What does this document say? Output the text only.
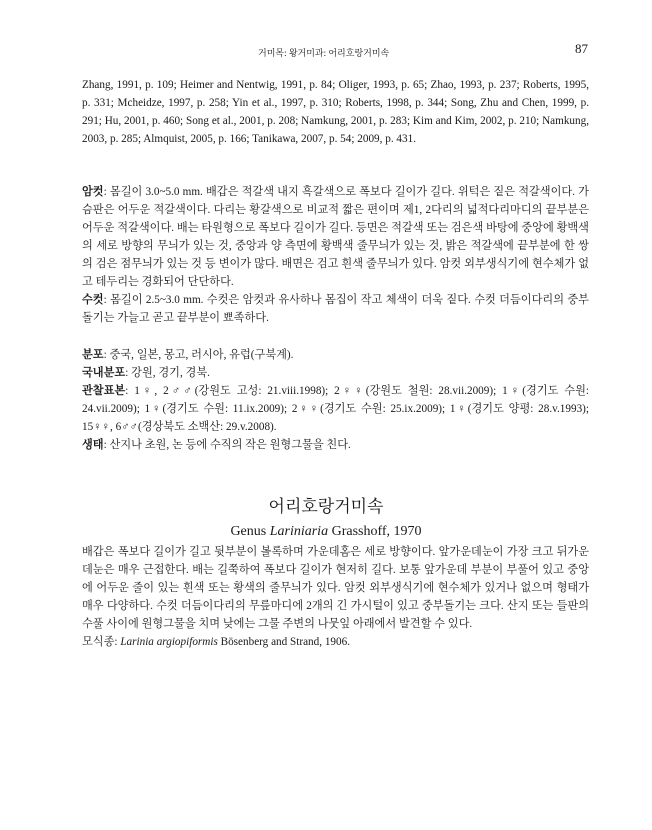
거미목: 왕거미과: 어리호랑거미속	87

Zhang, 1991, p. 109; Heimer and Nentwig, 1991, p. 84; Oliger, 1993, p. 65; Zhao, 1993, p. 237; Roberts, 1995, p. 331; Mcheidze, 1997, p. 258; Yin et al., 1997, p. 310; Roberts, 1998, p. 344; Song, Zhu and Chen, 1999, p. 291; Hu, 2001, p. 460; Song et al., 2001, p. 208; Namkung, 2001, p. 283; Kim and Kim, 2002, p. 210; Namkung, 2003, p. 285; Almquist, 2005, p. 166; Tanikawa, 2007, p. 54; 2009, p. 431.

암컷: 몸길이 3.0~5.0 mm. 배갑은 적갈색 내지 흑갈색으로 폭보다 길이가 길다. 위턱은 짙은 적갈색이다. 가슴판은 어두운 적갈색이다. 다리는 황갈색으로 비교적 짧은 편이며 제1, 2다리의 넓적다리마디의 끝부분은 어두운 적갈색이다. 배는 타원형으로 폭보다 길이가 길다. 등면은 적갈색 또는 검은색 바탕에 중앙에 황백색의 세로 방향의 무늬가 있는 것, 중앙과 양 측면에 황백색 줄무늬가 있는 것, 밝은 적갈색에 끝부분에 한 쌍의 검은 점무늬가 있는 것 등 변이가 많다. 배면은 검고 흰색 줄무늬가 있다. 암컷 외부생식기에 현수체가 없고 테두리는 경화되어 단단하다.

수컷: 몸길이 2.5~3.0 mm. 수컷은 암컷과 유사하나 몸집이 작고 체색이 더욱 짙다. 수컷 더듬이다리의 중부돌기는 가늘고 곧고 끝부분이 뾰족하다.

분포: 중국, 일본, 몽고, 러시아, 유럽(구북계).

국내분포: 강원, 경기, 경북.

관찰표본: 1♀, 2♂♂(강원도 고성: 21.viii.1998); 2♀♀(강원도 철원: 28.vii.2009); 1♀(경기도 수원: 24.vii.2009); 1♀(경기도 수원: 11.ix.2009); 2♀♀(경기도 수원: 25.ix.2009); 1♀(경기도 양평: 28.v.1993); 15♀♀, 6♂♂(경상북도 소백산: 29.v.2008).

생태: 산지나 초원, 논 등에 수직의 작은 원형그물을 친다.

어리호랑거미속
Genus Lariniaria Grasshoff, 1970

배갑은 폭보다 길이가 길고 뒷부분이 볼록하며 가운데홈은 세로 방향이다. 앞가운데눈이 가장 크고 뒤가운데눈은 매우 근접한다. 배는 길쭉하여 폭보다 길이가 현저히 길다. 보통 앞가운데 부분이 부풀어 있고 중앙에 어두운 줄이 있는 흰색 또는 황색의 줄무늬가 있다. 암컷 외부생식기에 현수체가 있거나 없으며 형태가 매우 다양하다. 수컷 더듬이다리의 무릎마디에 2개의 긴 가시털이 있고 중부돌기는 크다. 산지 또는 들판의 수풀 사이에 원형그물을 치며 낮에는 그물 주변의 나뭇잎 아래에서 발견할 수 있다.

모식종: Larinia argiopiformis Bösenberg and Strand, 1906.
